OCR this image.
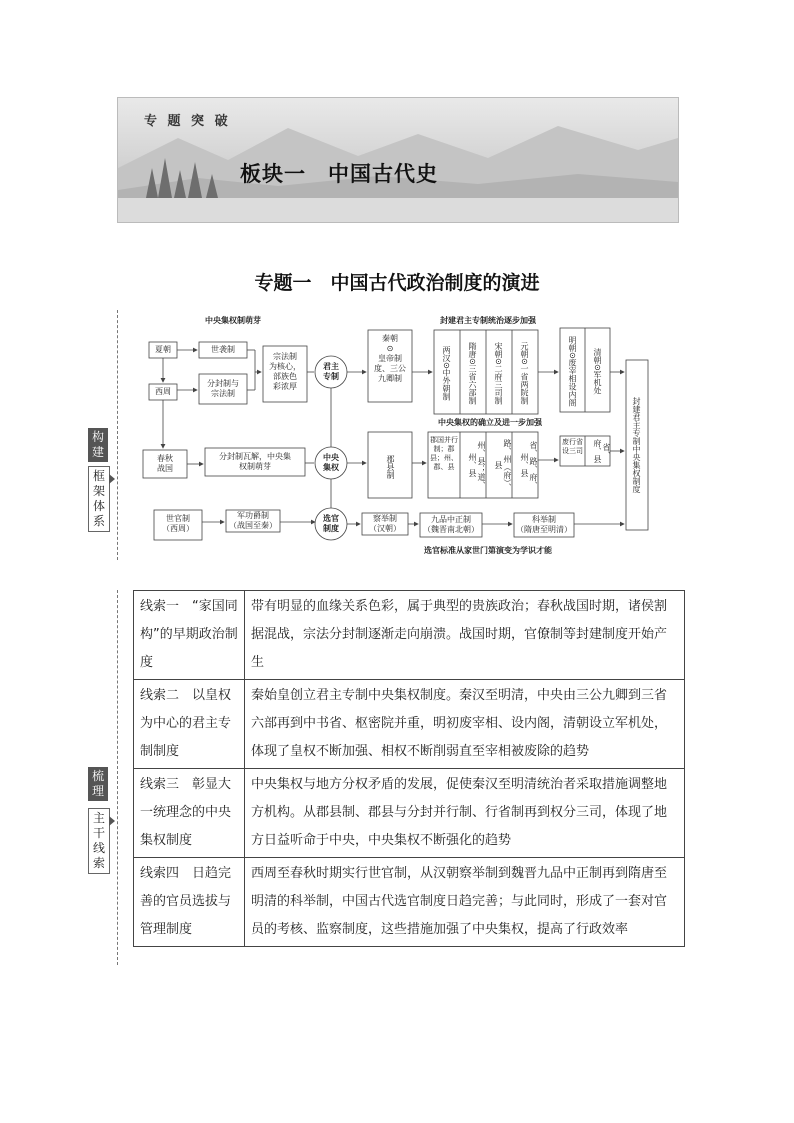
专 题 突 破
板块一　中国古代史
专题一　中国古代政治制度的演进
构
建
框
架
体
系
梳
理
主
干
线
索
中央集权制萌芽	封建君主专制统治逐步加强
中央集权的确立及进一步加强
选官标准从家世门第演变为学识才能
夏朝
西周
春秋
战国
世袭制
分封制与
宗法制
宗法制
为核心，
部族色
彩浓厚
分封制瓦解，中央集
权制萌芽
君主
专制
中央
集权
选官
制度
秦朝
⊙
皇帝制
度、三公
九卿制	两汉⊙中外朝制 隋唐⊙三省六部制 宋朝⊙二府三司制 元朝⊙一省两院制	明朝⊙废宰相设内阁 清朝⊙军机处
封建君主专制中央集权制度
郡县制
郡国并行制；郡县；州、郡、县	州、县；道、州、县	路、州（府）、县	省、路、府、州、县
废行省设三司	省、府、县
世官制
（西周）
军功爵制
（战国至秦）
察举制
（汉朝）
九品中正制
（魏晋南北朝）
科举制
（隋唐至明清）
线索一　“家国同构”的早期政治制度	带有明显的血缘关系色彩，属于典型的贵族政治；春秋战国时期，诸侯割据混战，宗法分封制逐渐走向崩溃。战国时期，官僚制等封建制度开始产生
线索二　以皇权为中心的君主专制制度	秦始皇创立君主专制中央集权制度。秦汉至明清，中央由三公九卿到三省六部再到中书省、枢密院并重，明初废宰相、设内阁，清朝设立军机处，体现了皇权不断加强、相权不断削弱直至宰相被废除的趋势
线索三　彰显大一统理念的中央集权制度	中央集权与地方分权矛盾的发展，促使秦汉至明清统治者采取措施调整地方机构。从郡县制、郡县与分封并行制、行省制再到权分三司，体现了地方日益听命于中央，中央集权不断强化的趋势
线索四　日趋完善的官员选拔与管理制度	西周至春秋时期实行世官制，从汉朝察举制到魏晋九品中正制再到隋唐至明清的科举制，中国古代选官制度日趋完善；与此同时，形成了一套对官员的考核、监察制度，这些措施加强了中央集权，提高了行政效率
